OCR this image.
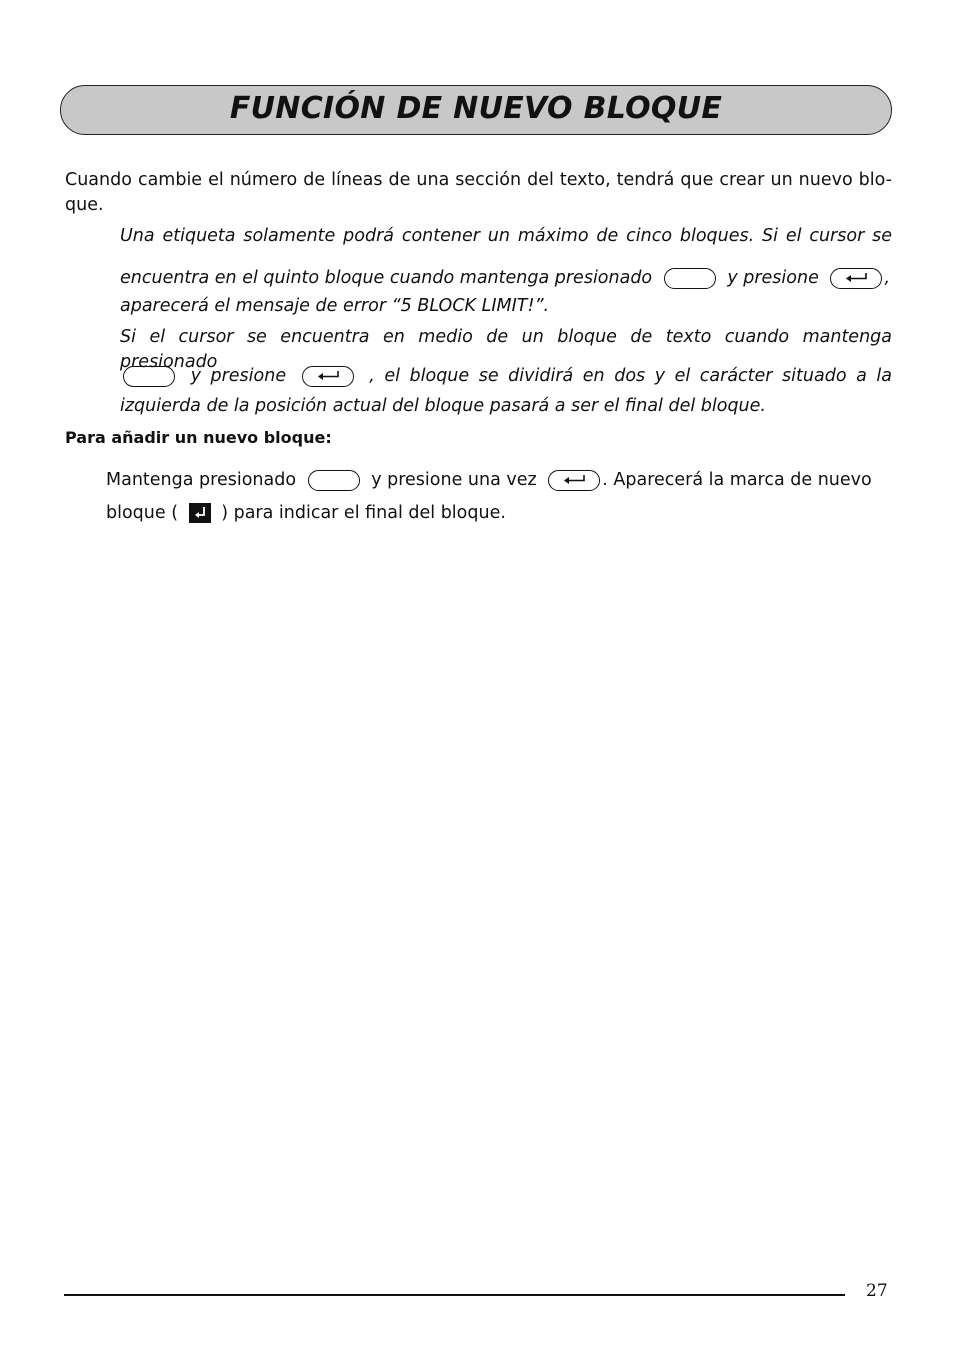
FUNCIÓN DE NUEVO BLOQUE
Cuando cambie el número de líneas de una sección del texto, tendrá que crear un nuevo blo-
que.
Una etiqueta solamente podrá contener un máximo de cinco bloques. Si el cursor se
encuentra en el quinto bloque cuando mantenga presionado	y presione	,
aparecerá el mensaje de error “5 BLOCK LIMIT!”.
Si el cursor se encuentra en medio de un bloque de texto cuando mantenga presionado
y presione	, el bloque se dividirá en dos y el carácter situado a la
izquierda de la posición actual del bloque pasará a ser el final del bloque.
Para añadir un nuevo bloque:
Mantenga presionado	y presione una vez	. Aparecerá la marca de nuevo
bloque ( ) para indicar el final del bloque.
27
